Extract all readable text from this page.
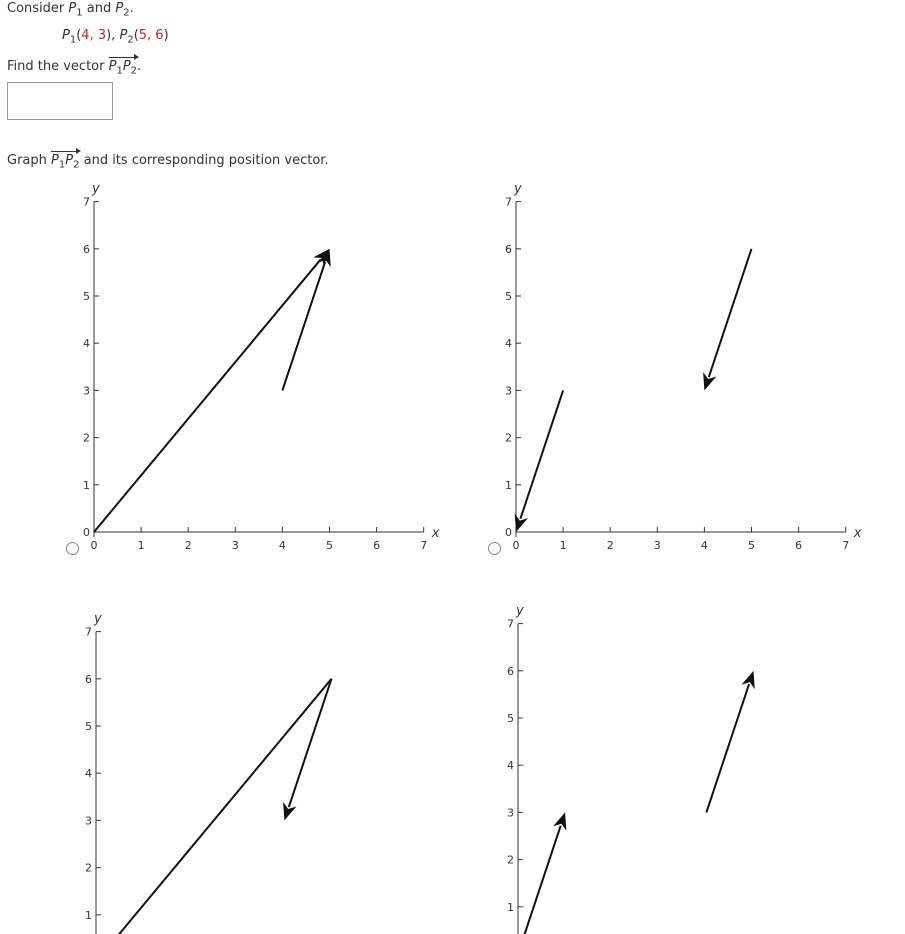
Consider $P_1$ and $P_2$.
$P_1(4$, 3), $P_2(5$, 6)
Find the vector $P_1P_2$.
Graph $P_1P_2$ and its corresponding position vector.
y
0
1
2
3
4
5
6
7
x
0	1	2	3	4	5	6	7
y
0
1
2
3
4
5
6
7
x
0	1	2	3	4	5	6	7
y
1
2
3
4
5
6
7
y
1
2
3
4
5
6
7
